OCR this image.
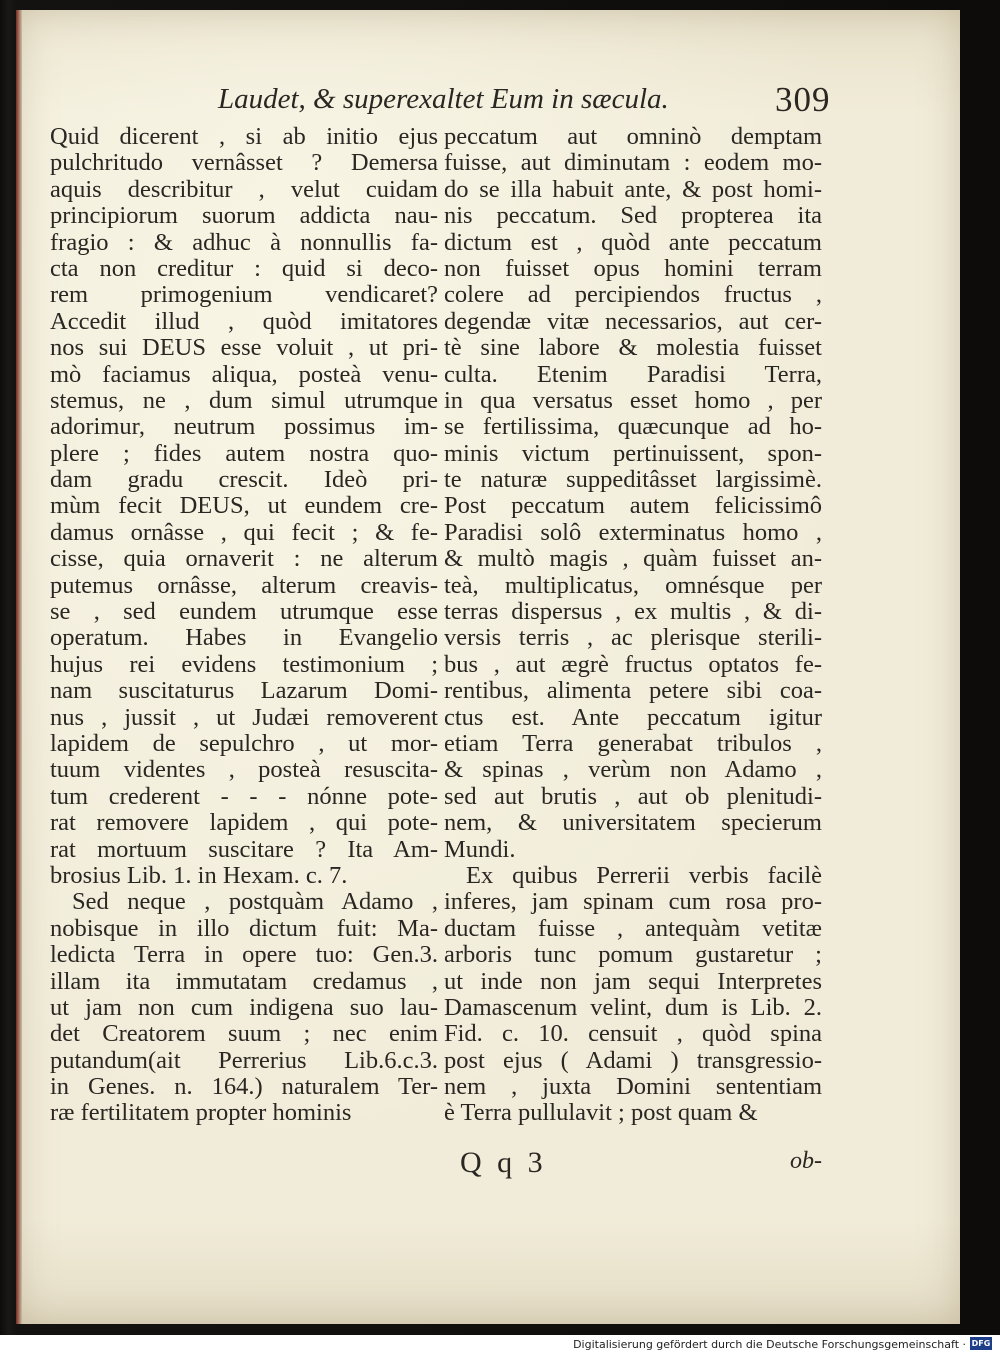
Laudet, & superexaltet Eum in sæcula.	309
Quid dicerent , si ab initio ejus
pulchritudo vernâsset ? Demersa
aquis describitur , velut cuidam
principiorum suorum addicta nau-
fragio : & adhuc à nonnullis fa-
cta non creditur : quid si deco-
rem primogenium vendicaret?
Accedit illud , quòd imitatores
nos sui DEUS esse voluit , ut pri-
mò faciamus aliqua, posteà venu-
stemus, ne , dum simul utrumque
adorimur, neutrum possimus im-
plere ; fides autem nostra quo-
dam gradu crescit. Ideò pri-
mùm fecit DEUS, ut eundem cre-
damus ornâsse , qui fecit ; & fe-
cisse, quia ornaverit : ne alterum
putemus ornâsse, alterum creavis-
se , sed eundem utrumque esse
operatum. Habes in Evangelio
hujus rei evidens testimonium ;
nam suscitaturus Lazarum Domi-
nus , jussit , ut Judæi removerent
lapidem de sepulchro , ut mor-
tuum videntes , posteà resuscita-
tum crederent - - - nónne pote-
rat removere lapidem , qui pote-
rat mortuum suscitare ? Ita Am-
brosius Lib. 1. in Hexam. c. 7.
Sed neque , postquàm Adamo ,
nobisque in illo dictum fuit: Ma-
ledicta Terra in opere tuo: Gen.3.
illam ita immutatam credamus ,
ut jam non cum indigena suo lau-
det Creatorem suum ; nec enim
putandum(ait Perrerius Lib.6.c.3.
in Genes. n. 164.) naturalem Ter-
ræ fertilitatem propter hominis
peccatum aut omninò demptam
fuisse, aut diminutam : eodem mo-
do se illa habuit ante, & post homi-
nis peccatum. Sed propterea ita
dictum est , quòd ante peccatum
non fuisset opus homini terram
colere ad percipiendos fructus ,
degendæ vitæ necessarios, aut cer-
tè sine labore & molestia fuisset
culta. Etenim Paradisi Terra,
in qua versatus esset homo , per
se fertilissima, quæcunque ad ho-
minis victum pertinuissent, spon-
te naturæ suppeditâsset largissimè.
Post peccatum autem felicissimô
Paradisi solô exterminatus homo ,
& multò magis , quàm fuisset an-
teà, multiplicatus, omnésque per
terras dispersus , ex multis , & di-
versis terris , ac plerisque sterili-
bus , aut ægrè fructus optatos fe-
rentibus, alimenta petere sibi coa-
ctus est. Ante peccatum igitur
etiam Terra generabat tribulos ,
& spinas , verùm non Adamo ,
sed aut brutis , aut ob plenitudi-
nem, & universitatem specierum
Mundi.
Ex quibus Perrerii verbis facilè
inferes, jam spinam cum rosa pro-
ductam fuisse , antequàm vetitæ
arboris tunc pomum gustaretur ;
ut inde non jam sequi Interpretes
Damascenum velint, dum is Lib. 2.
Fid. c. 10. censuit , quòd spina
post ejus ( Adami ) transgressio-
nem , juxta Domini sententiam
è Terra pullulavit ; post quam &
Q q 3	ob-
Digitalisierung gefördert durch die Deutsche Forschungsgemeinschaft · DFG
